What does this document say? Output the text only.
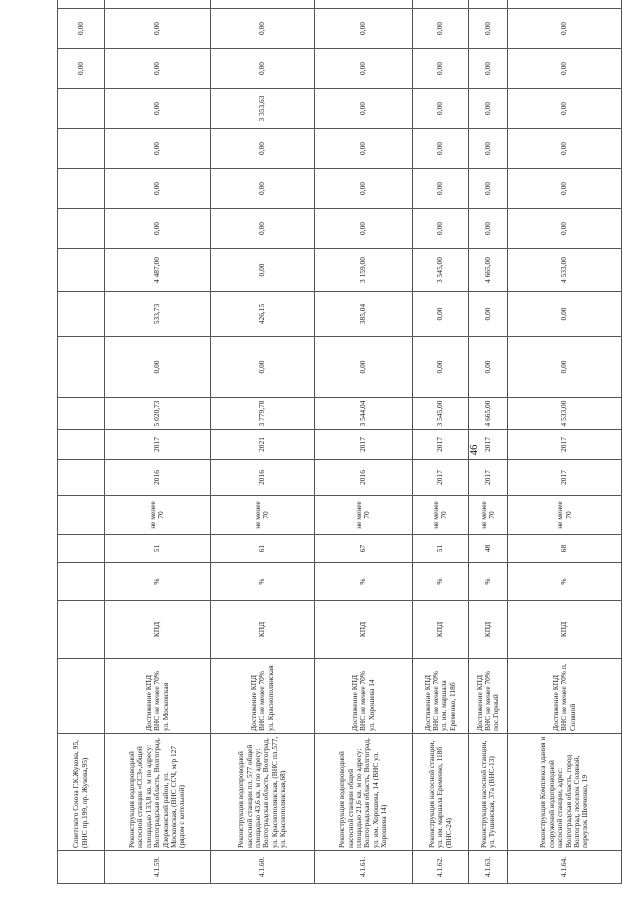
46
	Советского Союза Г.К.Жукова, 95, (ВНС пр.199, пр. Жукова,95)																0,00	0,00	
4.1.59.	Реконструкция водопроводной насосной станции «ССЗ»,общей площадью 133,8 кв. м по адресу: Волгоградская область, Волгоград, Дзержинский район, ул. Московская, (ВНС ССЧ, м/р 127 (рядом с котельной)	Достижение КПД ВНС не менее 70% ул. Московская	КПД	%	51	не менее 70	2016	2017	5 020,73	0,00	533,73	4 487,00	0,00	0,00	0,00	0,00	0,00	0,00	
4.1.60.	Реконструкция водопроводной насосной станции пл. 577 общей площадью 43,6 кв. м по адресу: Волгоградская область, Волгоград, ул. Краснополянская, (ВНС пл.577, ул. Краснополянская,68)	Достижение КПД ВНС не менее 70% ул. Краснополянская	КПД	%	61	не менее 70	2016	2021	3 779,78	0,00	426,15	0,00	0,00	0,00	0,00	3 353,63	0,00	0,00	
4.1.61.	Реконструкция водопроводной насосной станции общей площадью 21,6 кв. м по адресу: Волгоградская область, Волгоград, ул. им. Хорошева, 14 (ВНС ул. Хорошева 14)	Достижение КПД ВНС не менее 70% ул. Хорошева 14	КПД	%	67	не менее 70	2016	2017	3 544,04	0,00	385,04	3 159,00	0,00	0,00	0,00	0,00	0,00	0,00	
4.1.62.	Реконструкция насосной станции, ул. им. маршала Еременко, 118б (ВНС-24)	Достижение КПД ВНС не менее 70% ул. им. маршала Еременко, 118б	КПД	%	51	не менее 70	2017	2017	3 545,00	0,00	0,00	3 545,00	0,00	0,00	0,00	0,00	0,00	0,00	
4.1.63.	Реконструкция насосной станции, ул. Тушинская, 37а (ВНС-13)	Достижение КПД ВНС не менее 70% пос.Горный	КПД	%	48	не менее 70	2017	2017	4 665,00	0,00	0,00	4 665,00	0,00	0,00	0,00	0,00	0,00	0,00	
4.1.64.	Реконструкция Комплекса здания и сооружений водопроводной насосной станции, адрес: Волгоградская область, город Волгоград, поселок Соляной, переулок Шевченко, 19	Достижение КПД ВНС не менее 70% п. Соляной	КПД	%	68	не менее 70	2017	2017	4 533,00	0,00	0,00	4 533,00	0,00	0,00	0,00	0,00	0,00	0,00	
